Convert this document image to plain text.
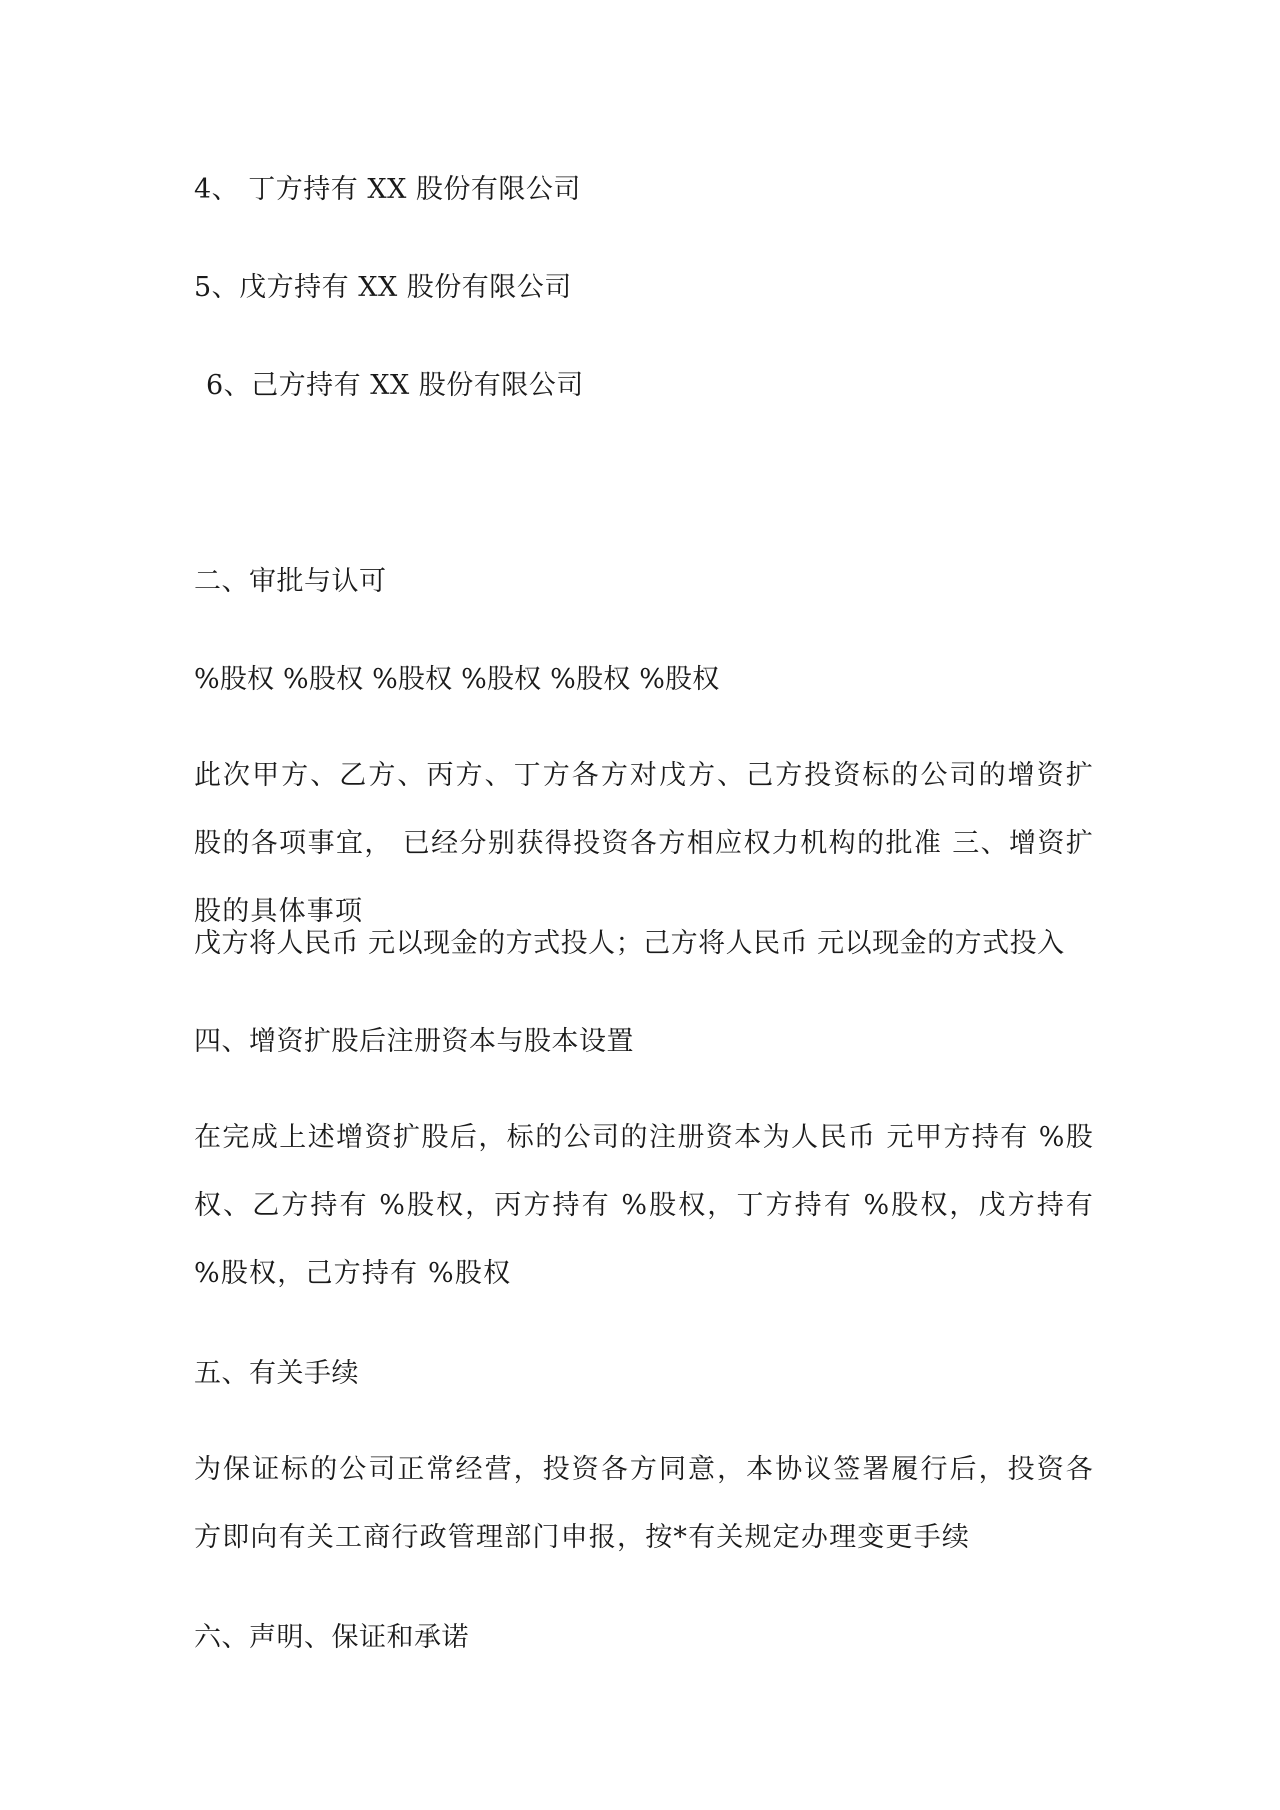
4、 丁方持有 XX 股份有限公司
5、戊方持有 XX 股份有限公司
6、己方持有 XX 股份有限公司
二、审批与认可
%股权 %股权 %股权 %股权 %股权 %股权

此次甲方、乙方、丙方、丁方各方对戊方、己方投资标的公司的增资扩股的各项事宜， 已经分别获得投资各方相应权力机构的批准 三、增资扩股的具体事项

戊方将人民币 元以现金的方式投人；己方将人民币 元以现金的方式投入
四、增资扩股后注册资本与股本设置

在完成上述增资扩股后，标的公司的注册资本为人民币 元甲方持有 %股权、乙方持有 %股权，丙方持有 %股权，丁方持有 %股权，戊方持有 %股权，己方持有 %股权

五、有关手续

为保证标的公司正常经营，投资各方同意，本协议签署履行后，投资各方即向有关工商行政管理部门申报，按*有关规定办理变更手续

六、声明、保证和承诺
